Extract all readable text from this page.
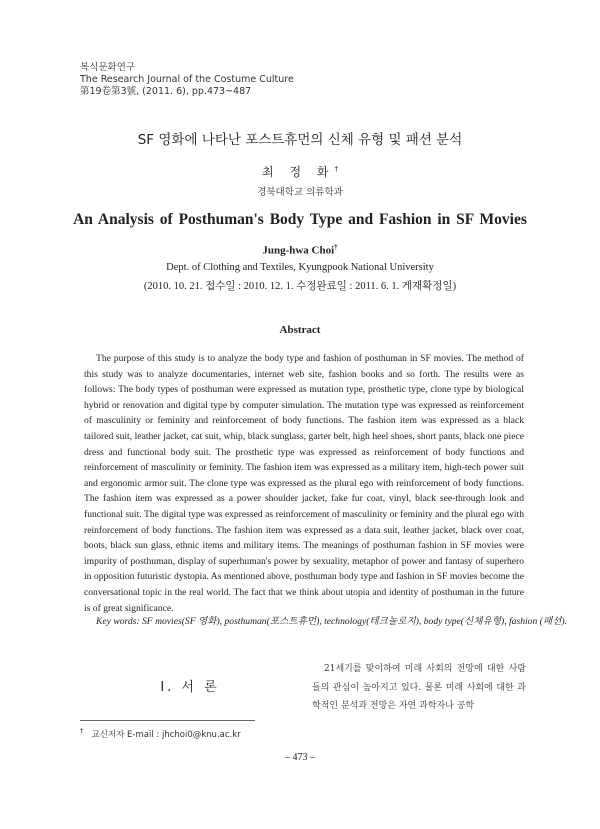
복식문화연구
The Research Journal of the Costume Culture
第19卷第3號, (2011. 6), pp.473~487
SF 영화에 나타난 포스트휴먼의 신체 유형 및 패션 분석
최 정 화†
경북대학교 의류학과
An Analysis of Posthuman's Body Type and Fashion in SF Movies
Jung-hwa Choi†
Dept. of Clothing and Textiles, Kyungpook National University
(2010. 10. 21. 접수일 : 2010. 12. 1. 수정완료일 : 2011. 6. 1. 게재확정일)
Abstract

The purpose of this study is to analyze the body type and fashion of posthuman in SF movies. The method of this study was to analyze documentaries, internet web site, fashion books and so forth. The results were as follows: The body types of posthuman were expressed as mutation type, prosthetic type, clone type by biological hybrid or renovation and digital type by computer simulation. The mutation type was expressed as reinforcement of masculinity or feminity and reinforcement of body functions. The fashion item was expressed as a black tailored suit, leather jacket, cat suit, whip, black sunglass, garter belt, high heel shoes, short pants, black one piece dress and functional body suit. The prosthetic type was expressed as reinforcement of body functions and reinforcement of masculinity or feminity. The fashion item was expressed as a military item, high-tech power suit and ergonomic armor suit. The clone type was expressed as the plural ego with reinforcement of body functions. The fashion item was expressed as a power shoulder jacket, fake fur coat, vinyl, black see-through look and functional suit. The digital type was expressed as reinforcement of masculinity or feminity and the plural ego with reinforcement of body functions. The fashion item was expressed as a data suit, leather jacket, black over coat, boots, black sun glass, ethnic items and military items. The meanings of posthuman fashion in SF movies were impurity of posthuman, display of superhuman's power by sexuality, metaphor of power and fantasy of superhero in opposition futuristic dystopia. As mentioned above, posthuman body type and fashion in SF movies become the conversational topic in the real world. The fact that we think about utopia and identity of posthuman in the future is of great significance.

Key words: SF movies(SF 영화), posthuman(포스트휴먼), technology(테크놀로지), body type(신체유형), fashion (패션).
Ⅰ. 서 론

21세기를 맞이하여 미래 사회의 전망에 대한 사람들의 관심이 높아지고 있다. 물론 미래 사회에 대한 과학적인 분석과 전망은 자연 과학자나 공학

† 교신저자 E-mail : jhchoi0@knu.ac.kr
– 473 –
